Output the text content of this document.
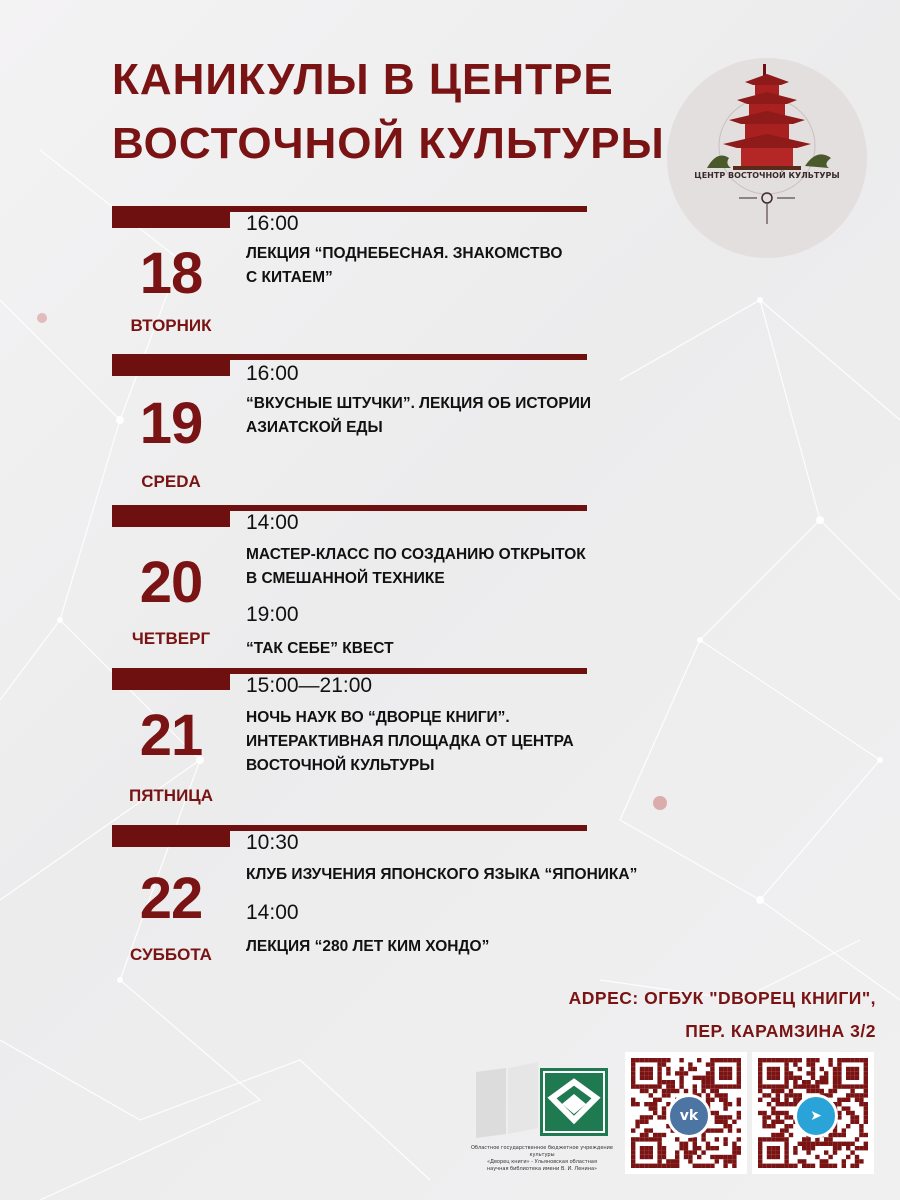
КАНИКУЛЫ В ЦЕНТРЕ
ВОСТОЧНОЙ КУЛЬТУРЫ
ЦЕНТР ВОСТОЧНОЙ КУЛЬТУРЫ
18
ВТОРНИК
16:00
ЛЕКЦИЯ “ПОДНЕБЕСНАЯ. ЗНАКОМСТВО
С КИТАЕМ”
19
СРЕDА
16:00
“ВКУСНЫЕ ШТУЧКИ”. ЛЕКЦИЯ ОБ ИСТОРИИ
АЗИАТСКОЙ ЕДЫ
20
ЧЕТВЕРГ
14:00
МАСТЕР-КЛАСС ПО СОЗДАНИЮ ОТКРЫТОК
В СМЕШАННОЙ ТЕХНИКЕ
19:00
“ТАК СЕБЕ” КВЕСТ
21
ПЯТНИЦА
15:00—21:00
НОЧЬ НАУК ВО “ДВОРЦЕ КНИГИ”.
ИНТЕРАКТИВНАЯ ПЛОЩАДКА ОТ ЦЕНТРА
ВОСТОЧНОЙ КУЛЬТУРЫ
22
СУББОТА
10:30
КЛУБ ИЗУЧЕНИЯ ЯПОНСКОГО ЯЗЫКА “ЯПОНИКА”
14:00
ЛЕКЦИЯ “280 ЛЕТ КИМ ХОНДО”
АDРЕС: ОГБУК "DВОРЕЦ КНИГИ",
ПЕР. КАРАМЗИНА 3/2
Областное государственное бюджетное учреждение культуры
«Дворец книги» - Ульяновская областная
научная библиотека имени В. И. Ленина»
vk	➤
